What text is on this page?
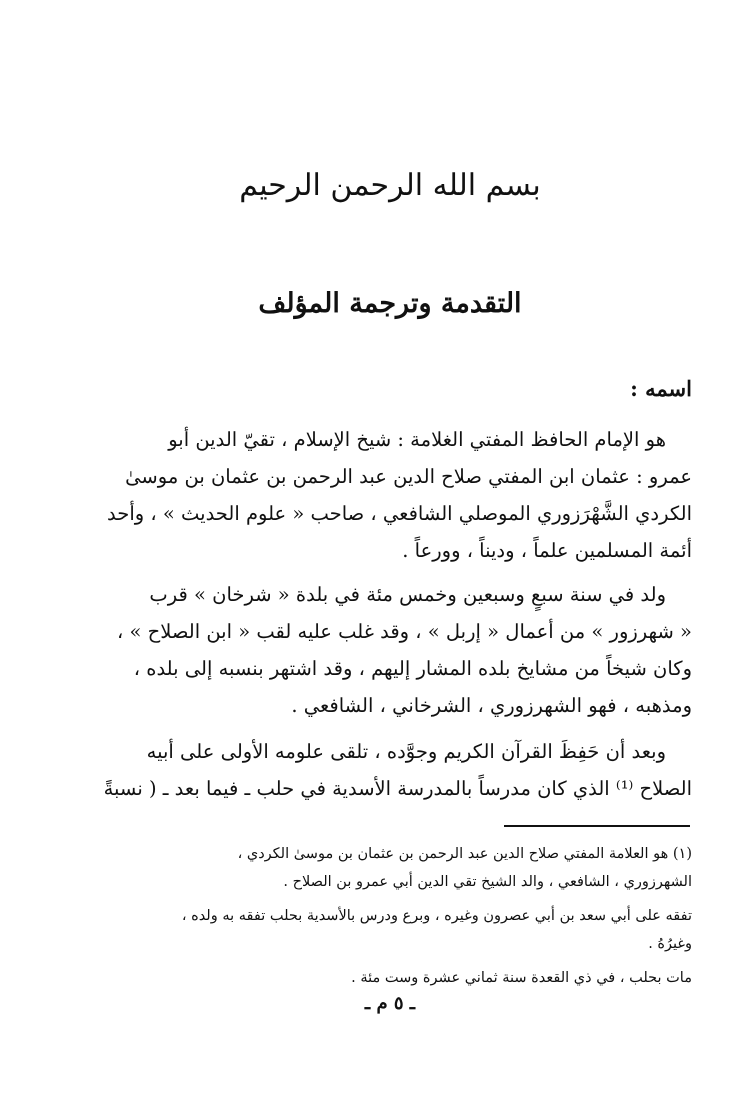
بسم الله الرحمن الرحيم
التقدمة وترجمة المؤلف
اسمه :
هو الإمام الحافظ المفتي الغلامة : شيخ الإسلام ، تقيّ الدين أبو
عمرو : عثمان ابن المفتي صلاح الدين عبد الرحمن بن عثمان بن موسىٰ
الكردي الشَّهْرَزوري الموصلي الشافعي ، صاحب « علوم الحديث » ، وأحد
أئمة المسلمين علماً ، وديناً ، وورعاً .
ولد في سنة سبعٍ وسبعين وخمس مئة في بلدة « شرخان » قرب
« شهرزور » من أعمال « إربل » ، وقد غلب عليه لقب « ابن الصلاح » ،
وكان شيخاً من مشايخ بلده المشار إليهم ، وقد اشتهر بنسبه إلى بلده ،
ومذهبه ، فهو الشهرزوري ، الشرخاني ، الشافعي .
وبعد أن حَفِظَ القرآن الكريم وجوَّده ، تلقى علومه الأولى على أبيه
الصلاح ⁽¹⁾ الذي كان مدرساً بالمدرسة الأسدية في حلب ـ فيما بعد ـ ( نسبةً
(١) هو العلامة المفتي صلاح الدين عبد الرحمن بن عثمان بن موسىٰ الكردي ،
الشهرزوري ، الشافعي ، والد الشيخ تقي الدين أبي عمرو بن الصلاح .
تفقه على أبي سعد بن أبي عصرون وغيره ، وبرع ودرس بالأسدية بحلب تفقه به ولده ،
وغيرُهُ .
مات بحلب ، في ذي القعدة سنة ثماني عشرة وست مئة .
ـ ٥ م ـ
